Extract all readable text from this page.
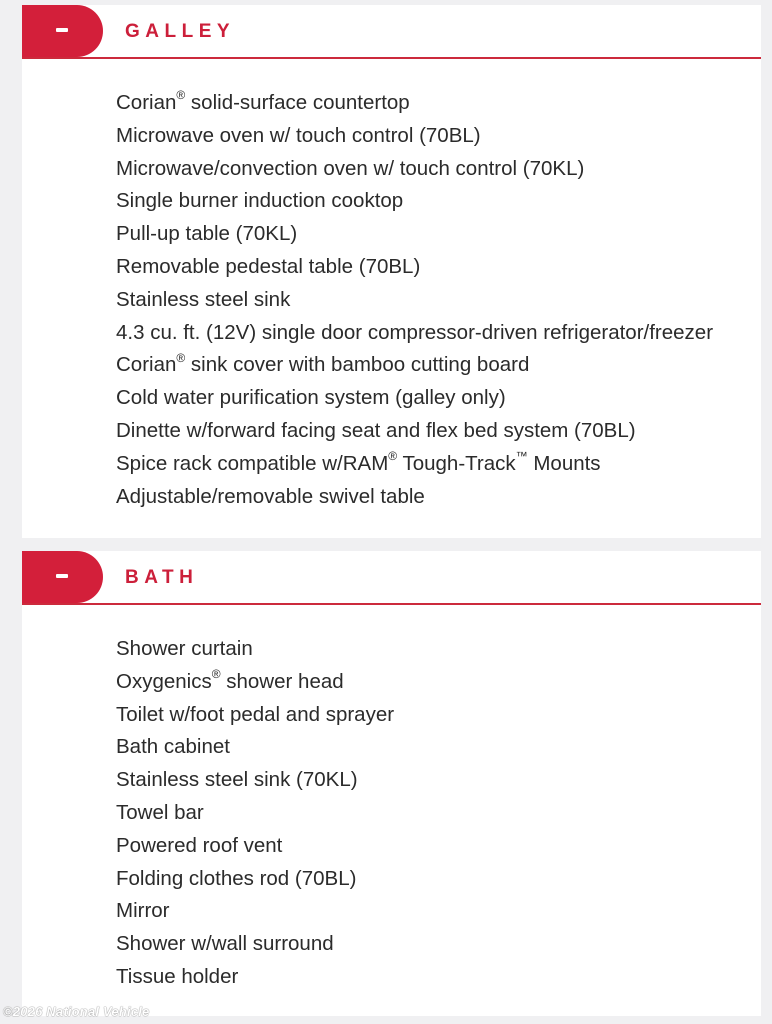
GALLEY
Corian® solid-surface countertop
Microwave oven w/ touch control (70BL)
Microwave/convection oven w/ touch control (70KL)
Single burner induction cooktop
Pull-up table (70KL)
Removable pedestal table (70BL)
Stainless steel sink
4.3 cu. ft. (12V) single door compressor-driven refrigerator/freezer
Corian® sink cover with bamboo cutting board
Cold water purification system (galley only)
Dinette w/forward facing seat and flex bed system (70BL)
Spice rack compatible w/RAM® Tough-Track™ Mounts
Adjustable/removable swivel table
BATH
Shower curtain
Oxygenics® shower head
Toilet w/foot pedal and sprayer
Bath cabinet
Stainless steel sink (70KL)
Towel bar
Powered roof vent
Folding clothes rod (70BL)
Mirror
Shower w/wall surround
Tissue holder
©2026 National Vehicle
